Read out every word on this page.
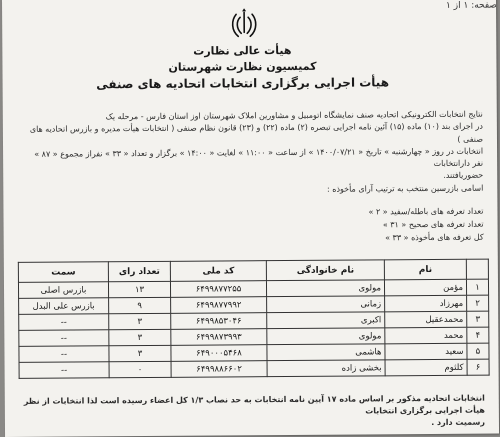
صفحه: ۱ از ۱
هیأت عالی نظارت
کمیسیون نظارت شهرستان
هیأت اجرایی برگزاری انتخابات اتحادیه های صنفی

نتایج انتخابات الکترونیکی اتحادیه صنف نمایشگاه اتومبیل و مشاورین املاک شهرستان اوز استان فارس - مرحله یک

در اجرای بند (۱۰) ماده (۱۵) آئین نامه اجرایی تبصره (۲) ماده (۲۲) و (۲۳) قانون نظام صنفی ( انتخابات هیأت مدیره و بازرس اتحادیه های صنفی )

انتخابات در روز « چهارشنبه » تاریخ « ۱۴۰۰/۰۷/۲۱ » از ساعت « ۱۱:۰۰ » لغایت « ۱۴:۰۰ » برگزار و تعداد « ۳۳ » نفراز مجموع « ۸۷ » نفر دارانتخابات

حضوریافتند.

اسامی بازرسین منتخب به ترتیب آرای مأخوذه :

تعداد تعرفه های باطله/سفید « ۲ »

تعداد تعرفه های صحیح « ۳۱ »

کل تعرفه های مأخوذه « ۳۳ »

	نام	نام خانوادگی	کد ملی	تعداد رای	سمت
۱	مؤمن	مولوی	۶۴۹۹۸۷۷۲۵۵	۱۳	بازرس اصلی
۲	مهرزاد	زمانی	۶۴۹۹۸۷۷۹۹۲	۹	بازرس علی البدل
۳	محمدعقیل	اکبری	۶۴۹۹۸۵۳۰۴۶	۳	--
۴	محمد	مولوی	۶۴۹۹۸۷۳۹۹۳	۳	--
۵	سعید	هاشمی	۶۴۹۰۰۰۵۴۶۸	۳	--
۶	کلثوم	بخشی زاده	۶۴۹۹۸۸۶۶۰۲	۰	--

انتخابات اتحادیه مذکور بر اساس ماده ۱۷ آیین نامه انتخابات به حد نصاب ۱/۳ کل اعضاء رسیده است لذا انتخابات از نظر هیأت اجرایی برگزاری انتخابات

رسمیت دارد .
